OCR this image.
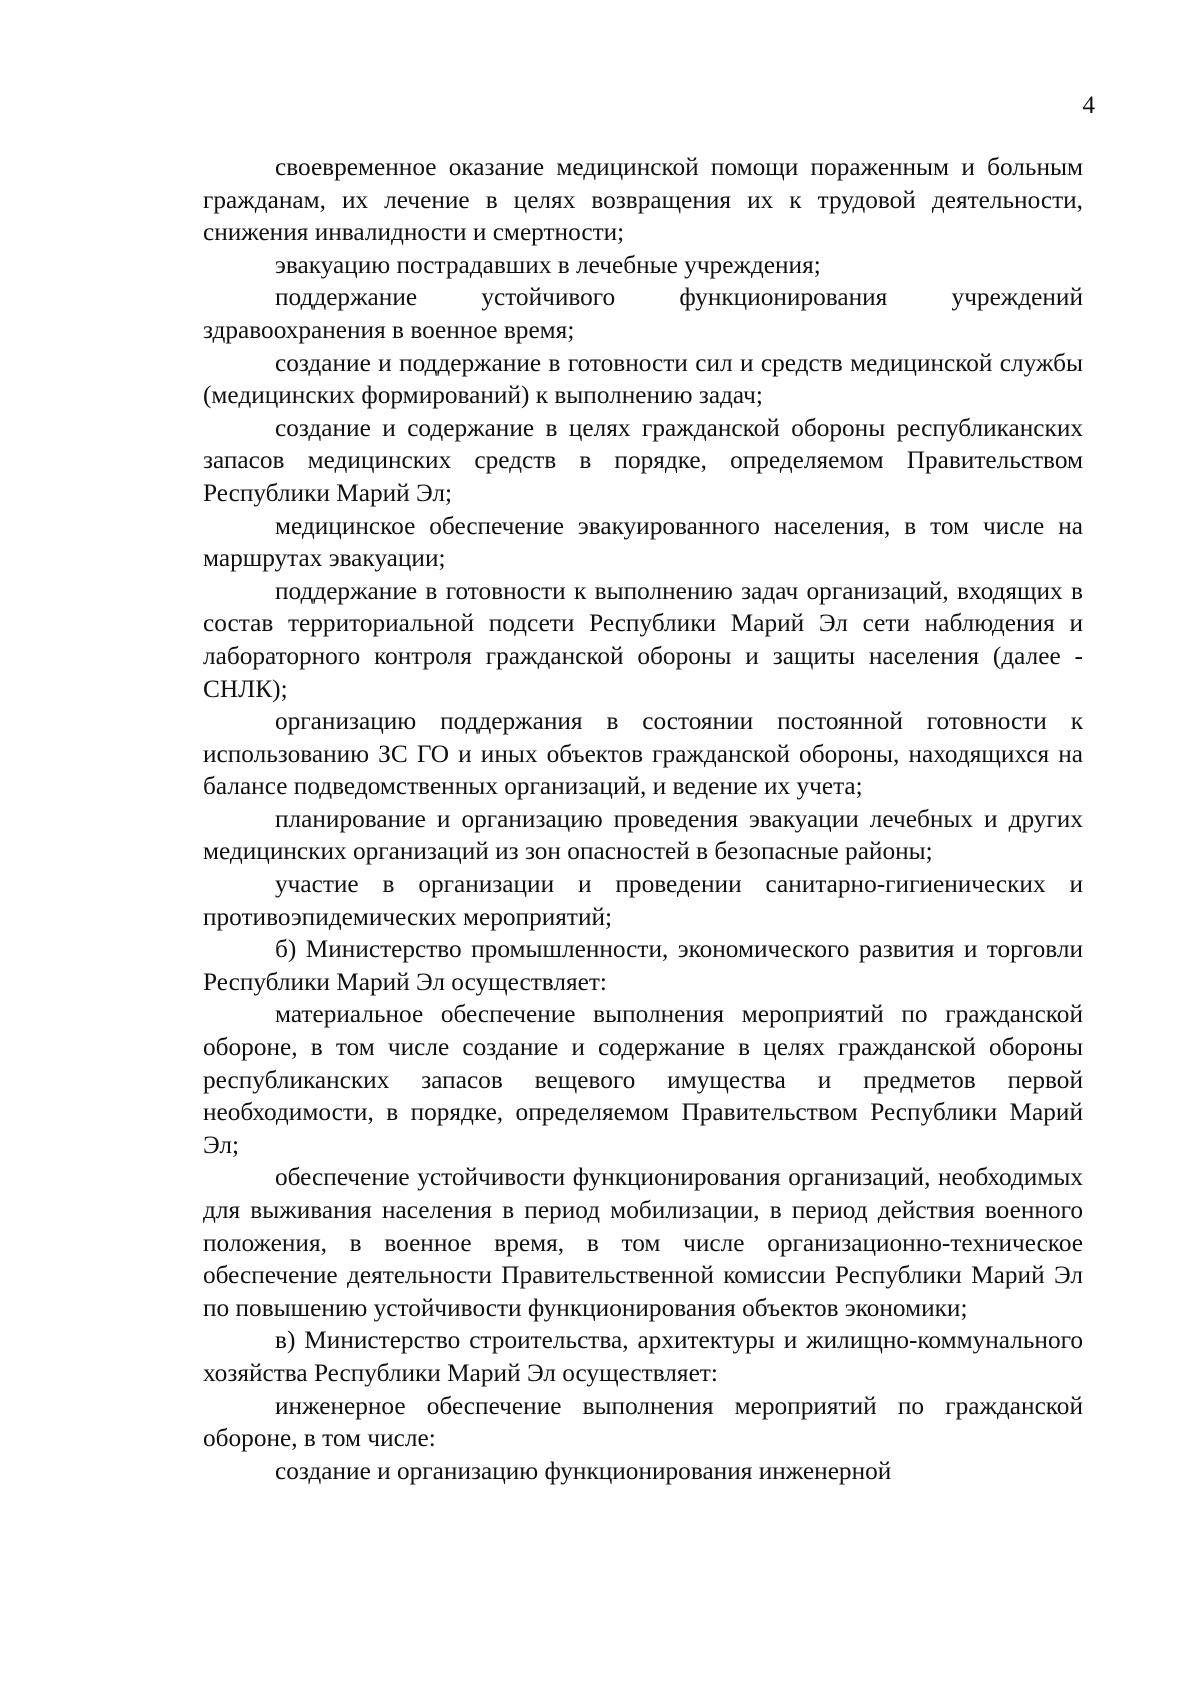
4

своевременное оказание медицинской помощи пораженным и больным гражданам, их лечение в целях возвращения их к трудовой деятельности, снижения инвалидности и смертности;

эвакуацию пострадавших в лечебные учреждения;

поддержание устойчивого функционирования учреждений здравоохранения в военное время;

создание и поддержание в готовности сил и средств медицинской службы (медицинских формирований) к выполнению задач;

создание и содержание в целях гражданской обороны республиканских запасов медицинских средств в порядке, определяемом Правительством Республики Марий Эл;

медицинское обеспечение эвакуированного населения, в том числе на маршрутах эвакуации;

поддержание в готовности к выполнению задач организаций, входящих в состав территориальной подсети Республики Марий Эл сети наблюдения и лабораторного контроля гражданской обороны и защиты населения (далее - СНЛК);

организацию поддержания в состоянии постоянной готовности к использованию ЗС ГО и иных объектов гражданской обороны, находящихся на балансе подведомственных организаций, и ведение их учета;

планирование и организацию проведения эвакуации лечебных и других медицинских организаций из зон опасностей в безопасные районы;

участие в организации и проведении санитарно-гигиенических и противоэпидемических мероприятий;

б) Министерство промышленности, экономического развития и торговли Республики Марий Эл осуществляет:

материальное обеспечение выполнения мероприятий по гражданской обороне, в том числе создание и содержание в целях гражданской обороны республиканских запасов вещевого имущества и предметов первой необходимости, в порядке, определяемом Правительством Республики Марий Эл;

обеспечение устойчивости функционирования организаций, необходимых для выживания населения в период мобилизации, в период действия военного положения, в военное время, в том числе организационно-техническое обеспечение деятельности Правительственной комиссии Республики Марий Эл по повышению устойчивости функционирования объектов экономики;

в) Министерство строительства, архитектуры и жилищно-коммунального хозяйства Республики Марий Эл осуществляет:

инженерное обеспечение выполнения мероприятий по гражданской обороне, в том числе:

создание и организацию функционирования инженерной
